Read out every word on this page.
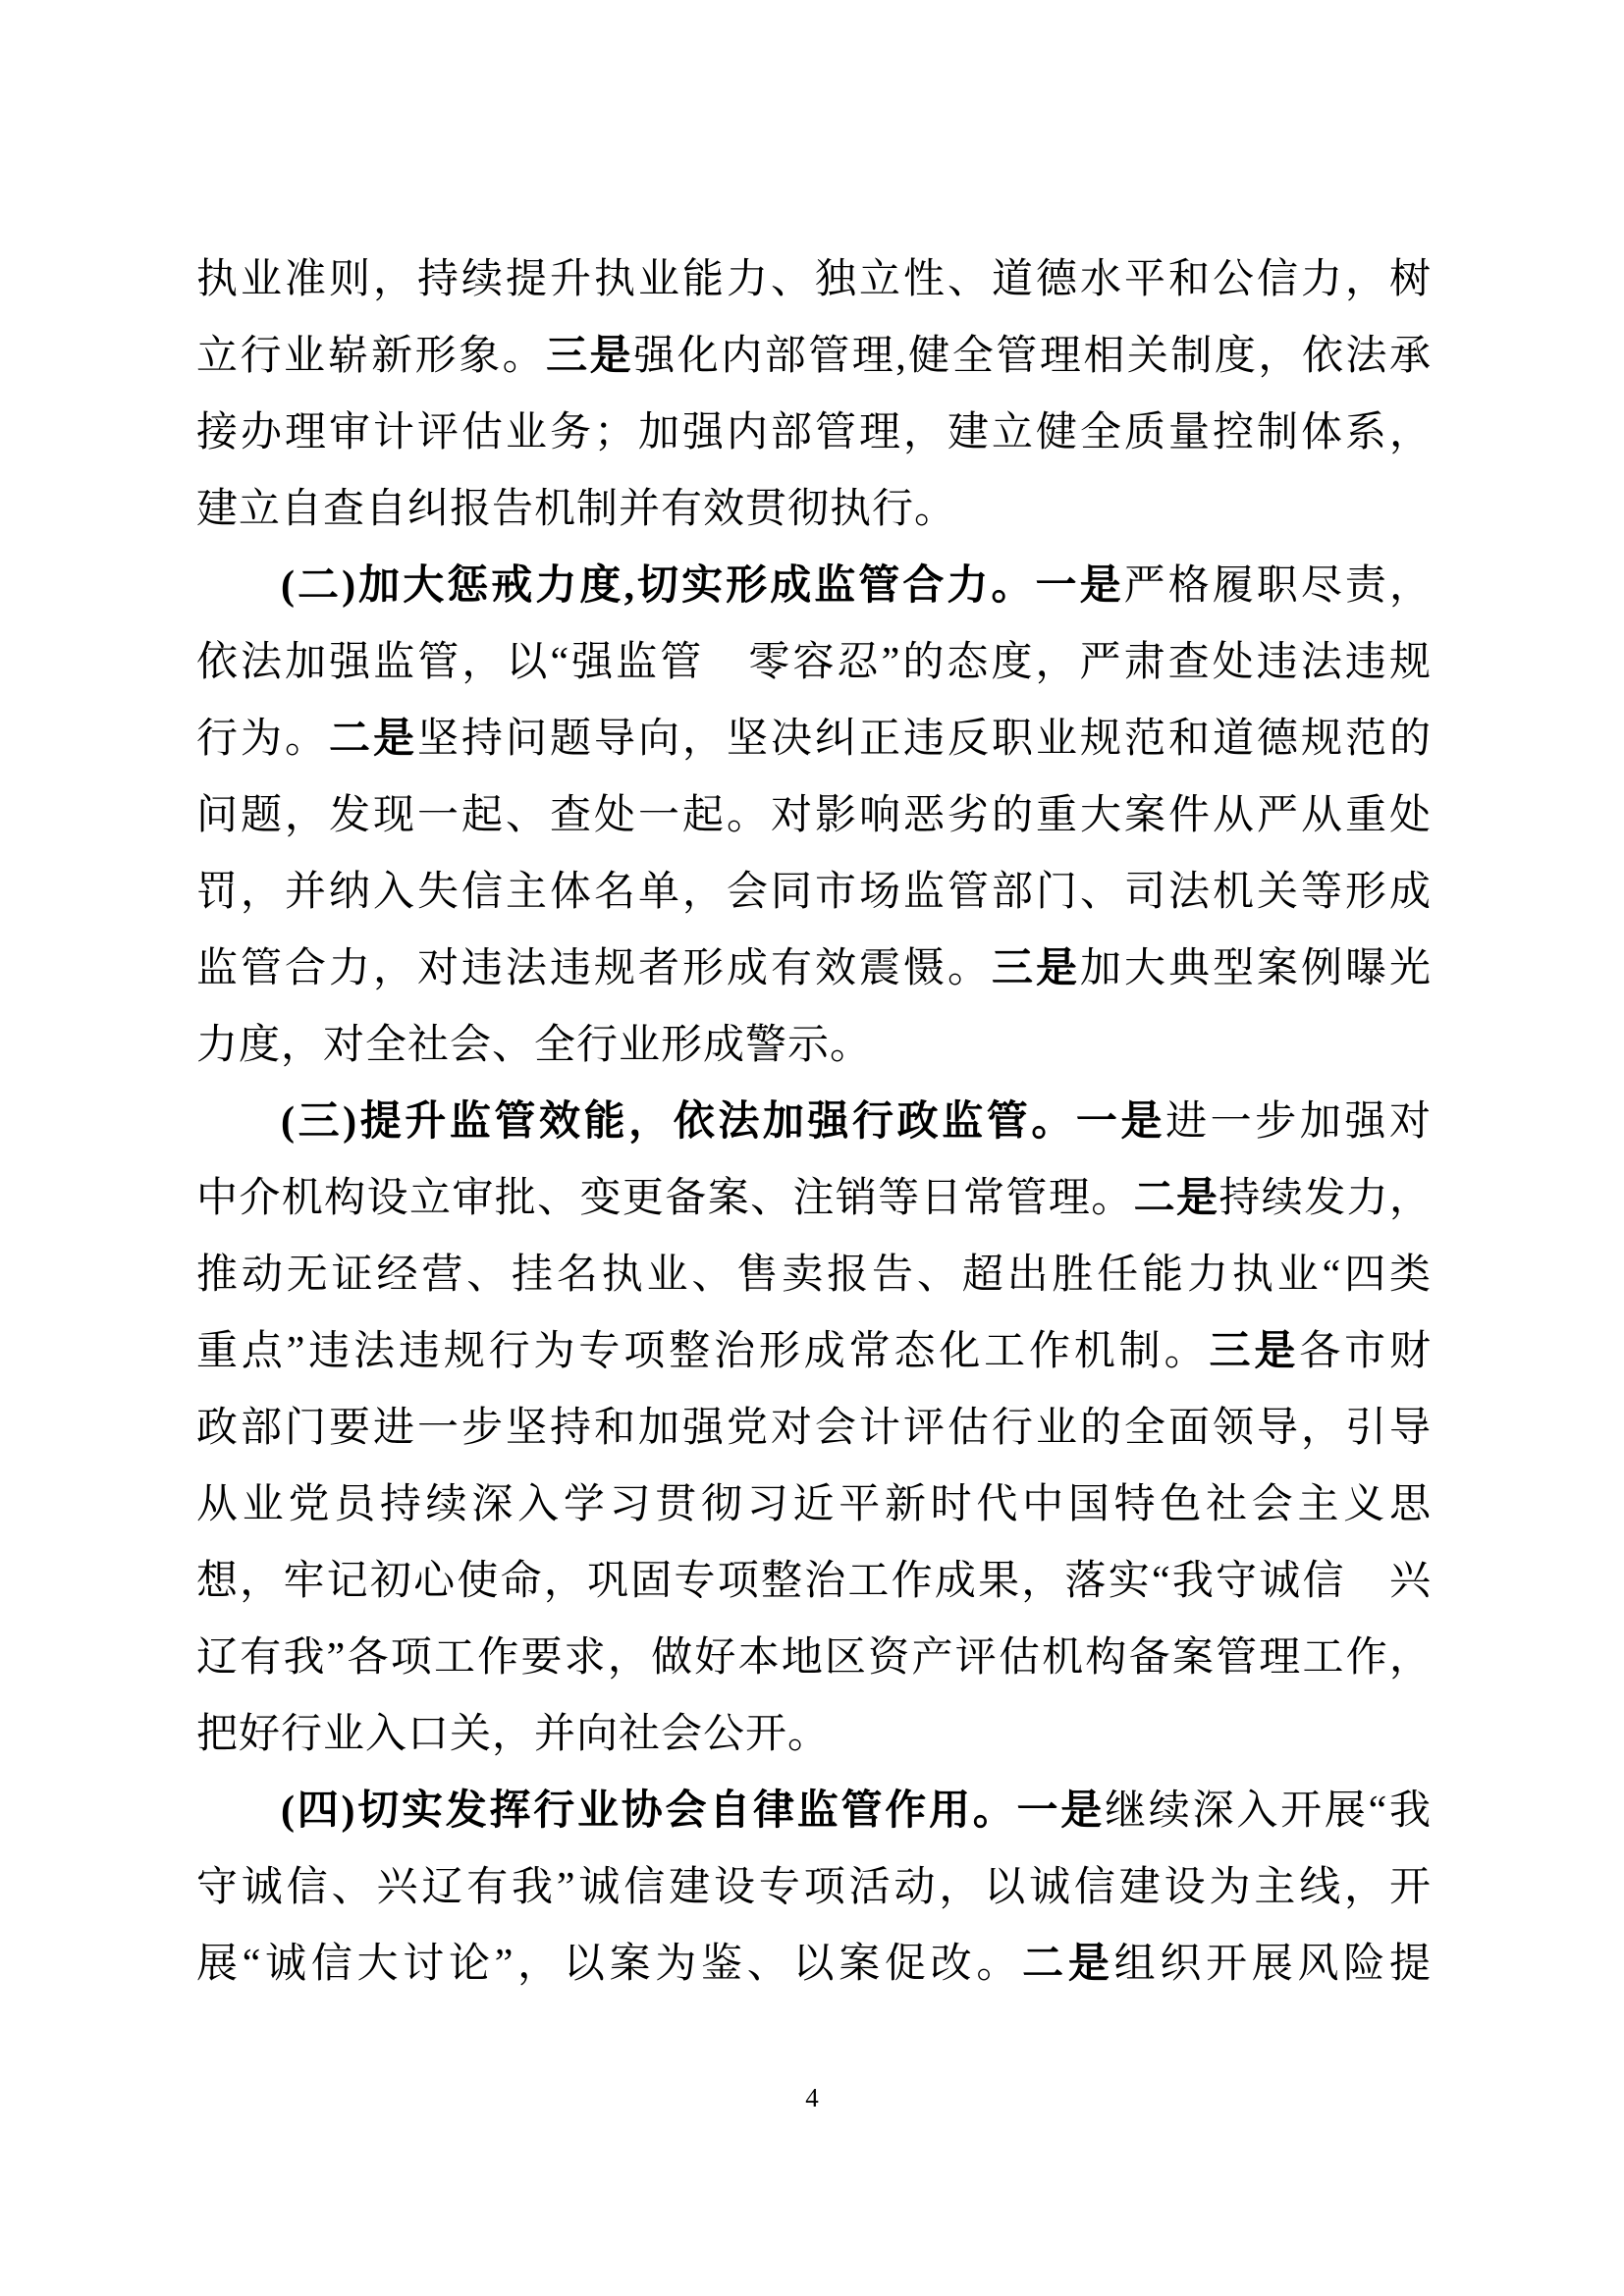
执业准则，持续提升执业能力、独立性、道德水平和公信力，树
立行业崭新形象。三是强化内部管理,健全管理相关制度，依法承
接办理审计评估业务；加强内部管理，建立健全质量控制体系，
建立自查自纠报告机制并有效贯彻执行。
(二)加大惩戒力度,切实形成监管合力。一是严格履职尽责，
依法加强监管，以“强监管　零容忍”的态度，严肃查处违法违规
行为。二是坚持问题导向，坚决纠正违反职业规范和道德规范的
问题，发现一起、查处一起。对影响恶劣的重大案件从严从重处
罚，并纳入失信主体名单，会同市场监管部门、司法机关等形成
监管合力，对违法违规者形成有效震慑。三是加大典型案例曝光
力度，对全社会、全行业形成警示。
(三)提升监管效能，依法加强行政监管。一是进一步加强对
中介机构设立审批、变更备案、注销等日常管理。二是持续发力，
推动无证经营、挂名执业、售卖报告、超出胜任能力执业“四类
重点”违法违规行为专项整治形成常态化工作机制。三是各市财
政部门要进一步坚持和加强党对会计评估行业的全面领导，引导
从业党员持续深入学习贯彻习近平新时代中国特色社会主义思
想，牢记初心使命，巩固专项整治工作成果，落实“我守诚信　兴
辽有我”各项工作要求，做好本地区资产评估机构备案管理工作，
把好行业入口关，并向社会公开。
(四)切实发挥行业协会自律监管作用。一是继续深入开展“我
守诚信、兴辽有我”诚信建设专项活动，以诚信建设为主线，开
展“诚信大讨论”，以案为鉴、以案促改。二是组织开展风险提
4
